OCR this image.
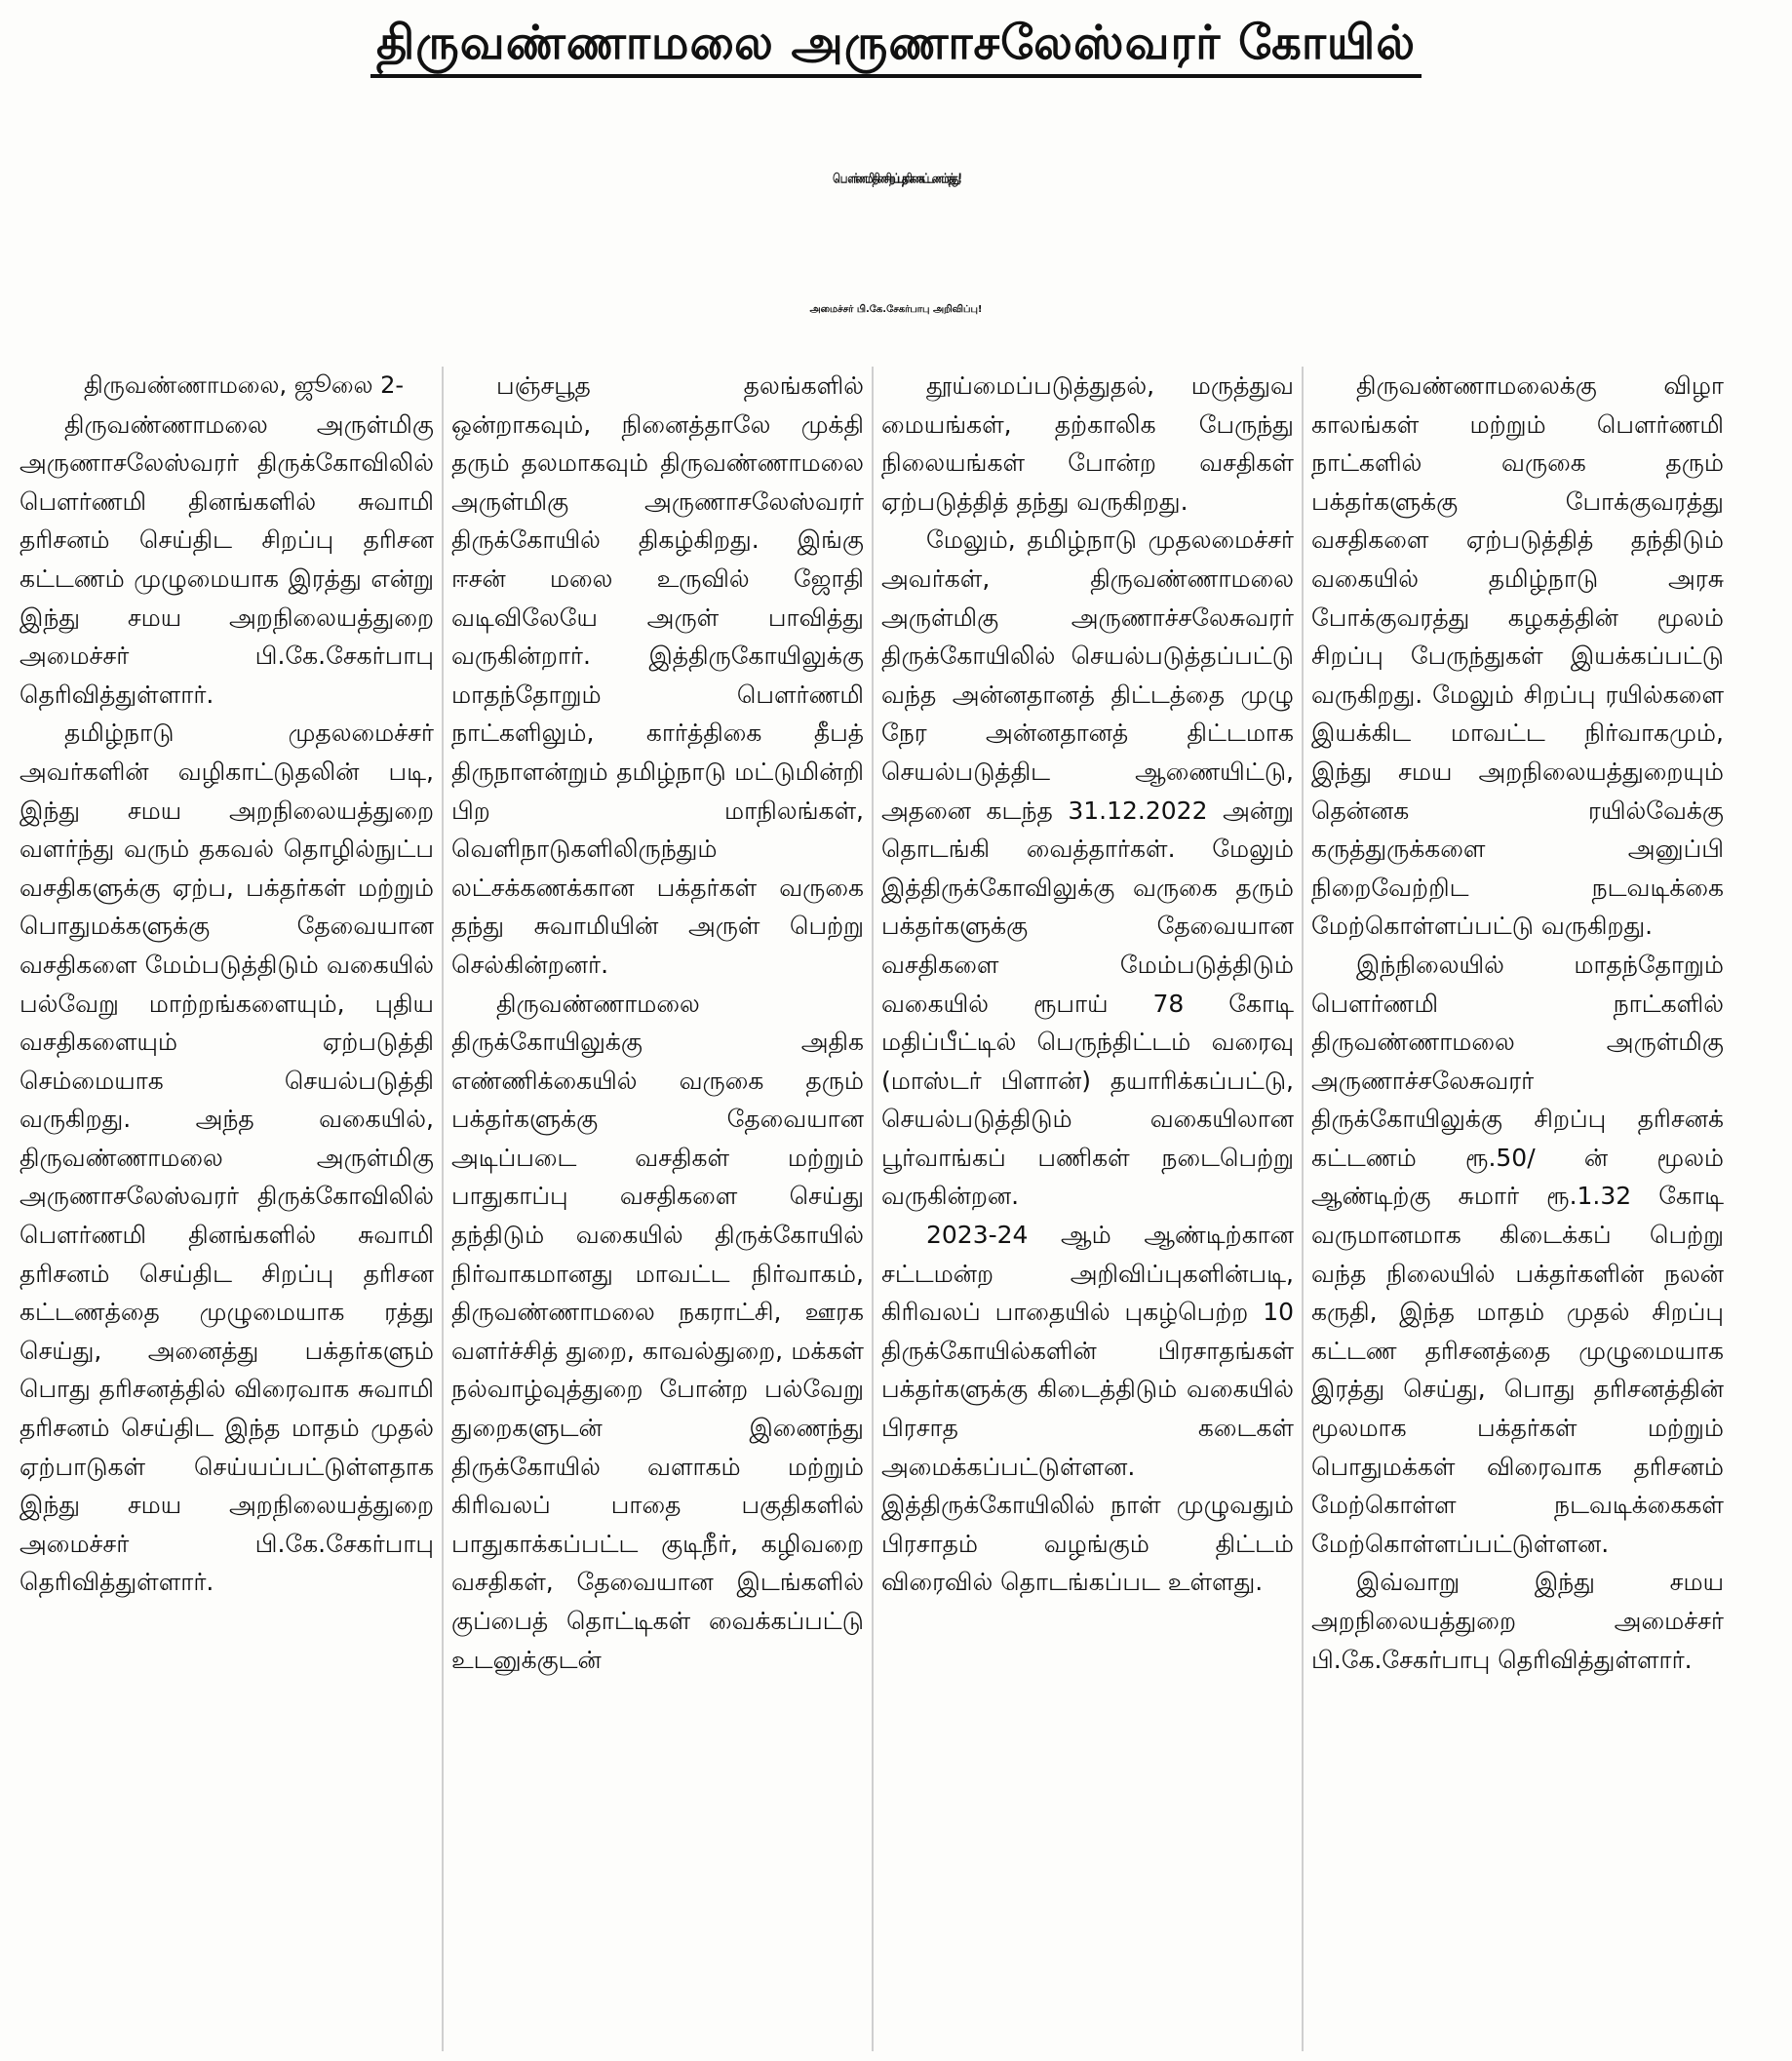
திருவண்ணாமலை அருணாசலேஸ்வரர் கோயில்
பௌர்ணமி தின சிறப்பு தரிசன கட்டணம் ரத்து!
அமைச்சர் பி.கே.சேகர்பாபு அறிவிப்பு!

திருவண்ணாமலை, ஜூலை 2-

திருவண்ணாமலை அருள்மிகு அருணாசலேஸ்வரர் திருக்கோவிலில் பௌர்ணமி தினங்களில் சுவாமி தரிசனம் செய்திட சிறப்பு தரிசன கட்டணம் முழுமையாக இரத்து என்று இந்து சமய அறநிலையத்துறை அமைச்சர் பி.கே.சேகர்பாபு தெரிவித்துள்ளார்.

தமிழ்நாடு முதலமைச்சர் அவர்களின் வழிகாட்டுதலின் படி, இந்து சமய அறநிலையத்துறை வளர்ந்து வரும் தகவல் தொழில்நுட்ப வசதிகளுக்கு ஏற்ப, பக்தர்கள் மற்றும் பொதுமக்களுக்கு தேவையான வசதிகளை மேம்படுத்திடும் வகையில் பல்வேறு மாற்றங்களையும், புதிய வசதிகளையும் ஏற்படுத்தி செம்மையாக செயல்படுத்தி வருகிறது. அந்த வகையில், திருவண்ணாமலை அருள்மிகு அருணாசலேஸ்வரர் திருக்கோவிலில் பௌர்ணமி தினங்களில் சுவாமி தரிசனம் செய்திட சிறப்பு தரிசன கட்டணத்தை முழுமையாக ரத்து செய்து, அனைத்து பக்தர்களும் பொது தரிசனத்தில் விரைவாக சுவாமி தரிசனம் செய்திட இந்த மாதம் முதல் ஏற்பாடுகள் செய்யப்பட்டுள்ளதாக இந்து சமய அறநிலையத்துறை அமைச்சர் பி.கே.சேகர்பாபு தெரிவித்துள்ளார்.

பஞ்சபூத தலங்களில் ஒன்றாகவும், நினைத்தாலே முக்தி தரும் தலமாகவும் திருவண்ணாமலை அருள்மிகு அருணாசலேஸ்வரர் திருக்கோயில் திகழ்கிறது. இங்கு ஈசன் மலை உருவில் ஜோதி வடிவிலேயே அருள் பாவித்து வருகின்றார். இத்திருகோயிலுக்கு மாதந்தோறும் பௌர்ணமி நாட்களிலும், கார்த்திகை தீபத் திருநாளன்றும் தமிழ்நாடு மட்டுமின்றி பிற மாநிலங்கள், வெளிநாடுகளிலிருந்தும் லட்சக்கணக்கான பக்தர்கள் வருகை தந்து சுவாமியின் அருள் பெற்று செல்கின்றனர்.

திருவண்ணாமலை திருக்கோயிலுக்கு அதிக எண்ணிக்கையில் வருகை தரும் பக்தர்களுக்கு தேவையான அடிப்படை வசதிகள் மற்றும் பாதுகாப்பு வசதிகளை செய்து தந்திடும் வகையில் திருக்கோயில் நிர்வாகமானது மாவட்ட நிர்வாகம், திருவண்ணாமலை நகராட்சி, ஊரக வளர்ச்சித் துறை, காவல்துறை, மக்கள் நல்வாழ்வுத்துறை போன்ற பல்வேறு துறைகளுடன் இணைந்து திருக்கோயில் வளாகம் மற்றும் கிரிவலப் பாதை பகுதிகளில் பாதுகாக்கப்பட்ட குடிநீர், கழிவறை வசதிகள், தேவையான இடங்களில் குப்பைத் தொட்டிகள் வைக்கப்பட்டு உடனுக்குடன்

தூய்மைப்படுத்துதல், மருத்துவ மையங்கள், தற்காலிக பேருந்து நிலையங்கள் போன்ற வசதிகள் ஏற்படுத்தித் தந்து வருகிறது.

மேலும், தமிழ்நாடு முதலமைச்சர் அவர்கள், திருவண்ணாமலை அருள்மிகு அருணாச்சலேசுவரர் திருக்கோயிலில் செயல்படுத்தப்பட்டு வந்த அன்னதானத் திட்டத்தை முழு நேர அன்னதானத் திட்டமாக செயல்படுத்திட ஆணையிட்டு, அதனை கடந்த 31.12.2022 அன்று தொடங்கி வைத்தார்கள். மேலும் இத்திருக்கோவிலுக்கு வருகை தரும் பக்தர்களுக்கு தேவையான வசதிகளை மேம்படுத்திடும் வகையில் ரூபாய் 78 கோடி மதிப்பீட்டில் பெருந்திட்டம் வரைவு (மாஸ்டர் பிளான்) தயாரிக்கப்பட்டு, செயல்படுத்திடும் வகையிலான பூர்வாங்கப் பணிகள் நடைபெற்று வருகின்றன.

2023-24 ஆம் ஆண்டிற்கான சட்டமன்ற அறிவிப்புகளின்படி, கிரிவலப் பாதையில் புகழ்பெற்ற 10 திருக்கோயில்களின் பிரசாதங்கள் பக்தர்களுக்கு கிடைத்திடும் வகையில் பிரசாத கடைகள் அமைக்கப்பட்டுள்ளன. இத்திருக்கோயிலில் நாள் முழுவதும் பிரசாதம் வழங்கும் திட்டம் விரைவில் தொடங்கப்பட உள்ளது.

திருவண்ணாமலைக்கு விழா காலங்கள் மற்றும் பௌர்ணமி நாட்களில் வருகை தரும் பக்தர்களுக்கு போக்குவரத்து வசதிகளை ஏற்படுத்தித் தந்திடும் வகையில் தமிழ்நாடு அரசு போக்குவரத்து கழகத்தின் மூலம் சிறப்பு பேருந்துகள் இயக்கப்பட்டு வருகிறது. மேலும் சிறப்பு ரயில்களை இயக்கிட மாவட்ட நிர்வாகமும், இந்து சமய அறநிலையத்துறையும் தென்னக ரயில்வேக்கு கருத்துருக்களை அனுப்பி நிறைவேற்றிட நடவடிக்கை மேற்கொள்ளப்பட்டு வருகிறது.

இந்நிலையில் மாதந்தோறும் பௌர்ணமி நாட்களில் திருவண்ணாமலை அருள்மிகு அருணாச்சலேசுவரர் திருக்கோயிலுக்கு சிறப்பு தரிசனக் கட்டணம் ரூ.50/ ன் மூலம் ஆண்டிற்கு சுமார் ரூ.1.32 கோடி வருமானமாக கிடைக்கப் பெற்று வந்த நிலையில் பக்தர்களின் நலன் கருதி, இந்த மாதம் முதல் சிறப்பு கட்டண தரிசனத்தை முழுமையாக இரத்து செய்து, பொது தரிசனத்தின் மூலமாக பக்தர்கள் மற்றும் பொதுமக்கள் விரைவாக தரிசனம் மேற்கொள்ள நடவடிக்கைகள் மேற்கொள்ளப்பட்டுள்ளன.

இவ்வாறு இந்து சமய அறநிலையத்துறை அமைச்சர் பி.கே.சேகர்பாபு தெரிவித்துள்ளார்.
